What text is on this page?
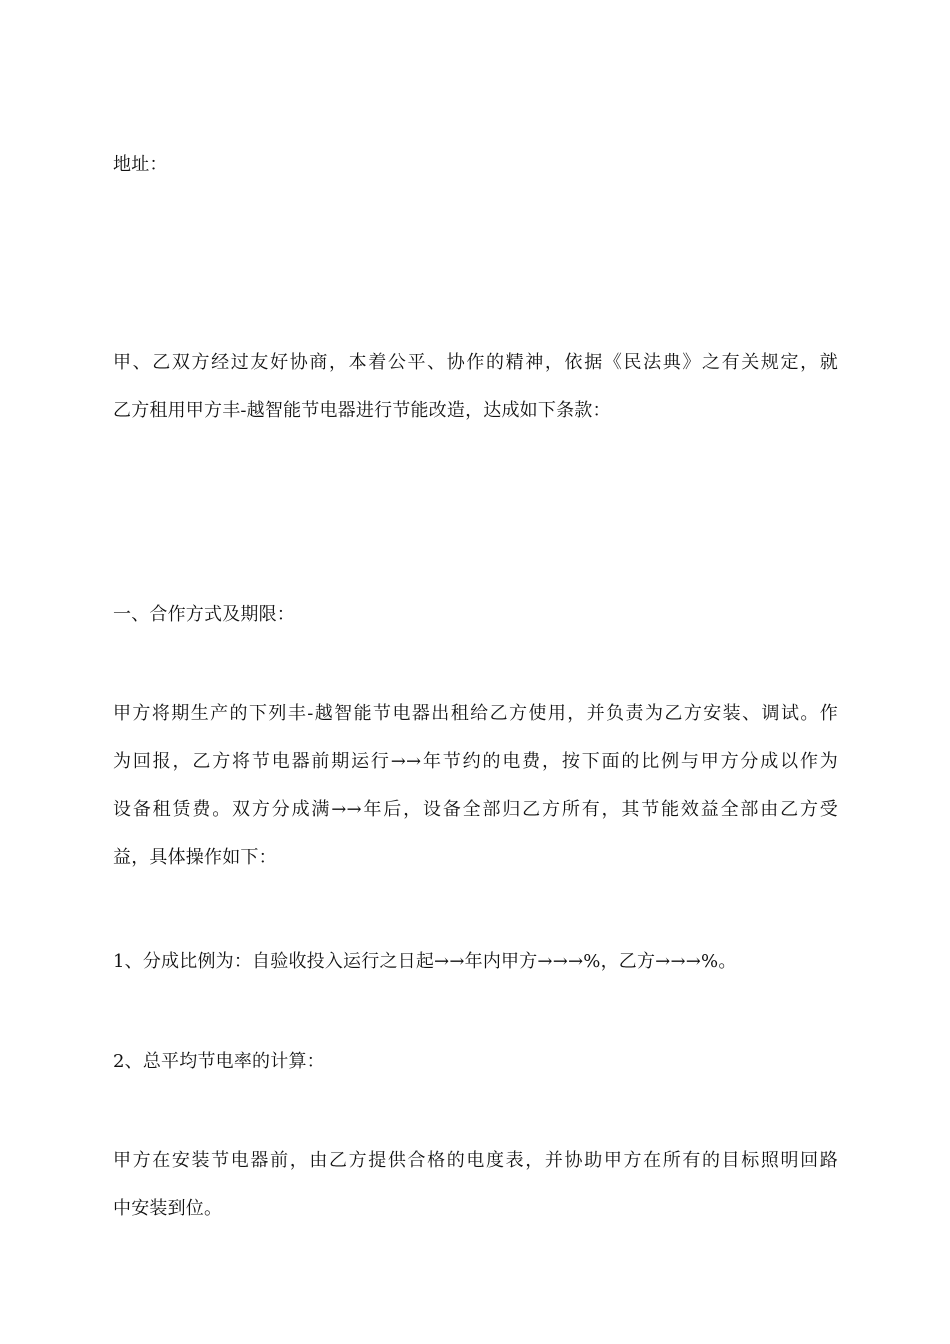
地址：
甲、乙双方经过友好协商，本着公平、协作的精神，依据《民法典》之有关规定，就
乙方租用甲方丰-越智能节电器进行节能改造，达成如下条款：
一、合作方式及期限：
甲方将期生产的下列丰-越智能节电器出租给乙方使用，并负责为乙方安装、调试。作
为回报，乙方将节电器前期运行→→年节约的电费，按下面的比例与甲方分成以作为
设备租赁费。双方分成满→→年后，设备全部归乙方所有，其节能效益全部由乙方受
益，具体操作如下：
1、分成比例为：自验收投入运行之日起→→年内甲方→→→%，乙方→→→%。
2、总平均节电率的计算：
甲方在安装节电器前，由乙方提供合格的电度表，并协助甲方在所有的目标照明回路
中安装到位。
